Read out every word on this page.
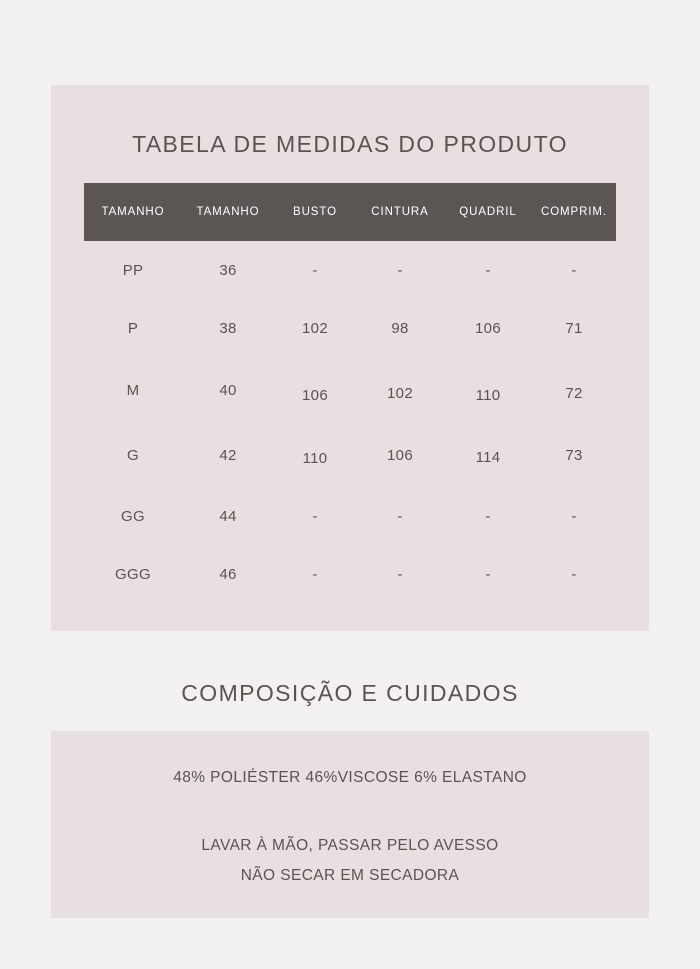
TABELA DE MEDIDAS DO PRODUTO
TAMANHO	TAMANHO	BUSTO	CINTURA	QUADRIL	COMPRIM.
PP	36	-	-	-	-
P	38	102	98	106	71
M	40	106	102	110	72
G	42	110	106	114	73
GG	44	-	-	-	-
GGG	46	-	-	-	-
COMPOSIÇÃO E CUIDADOS
48% POLIÉSTER 46%VISCOSE 6% ELASTANO
LAVAR À MÃO, PASSAR PELO AVESSO
NÃO SECAR EM SECADORA
